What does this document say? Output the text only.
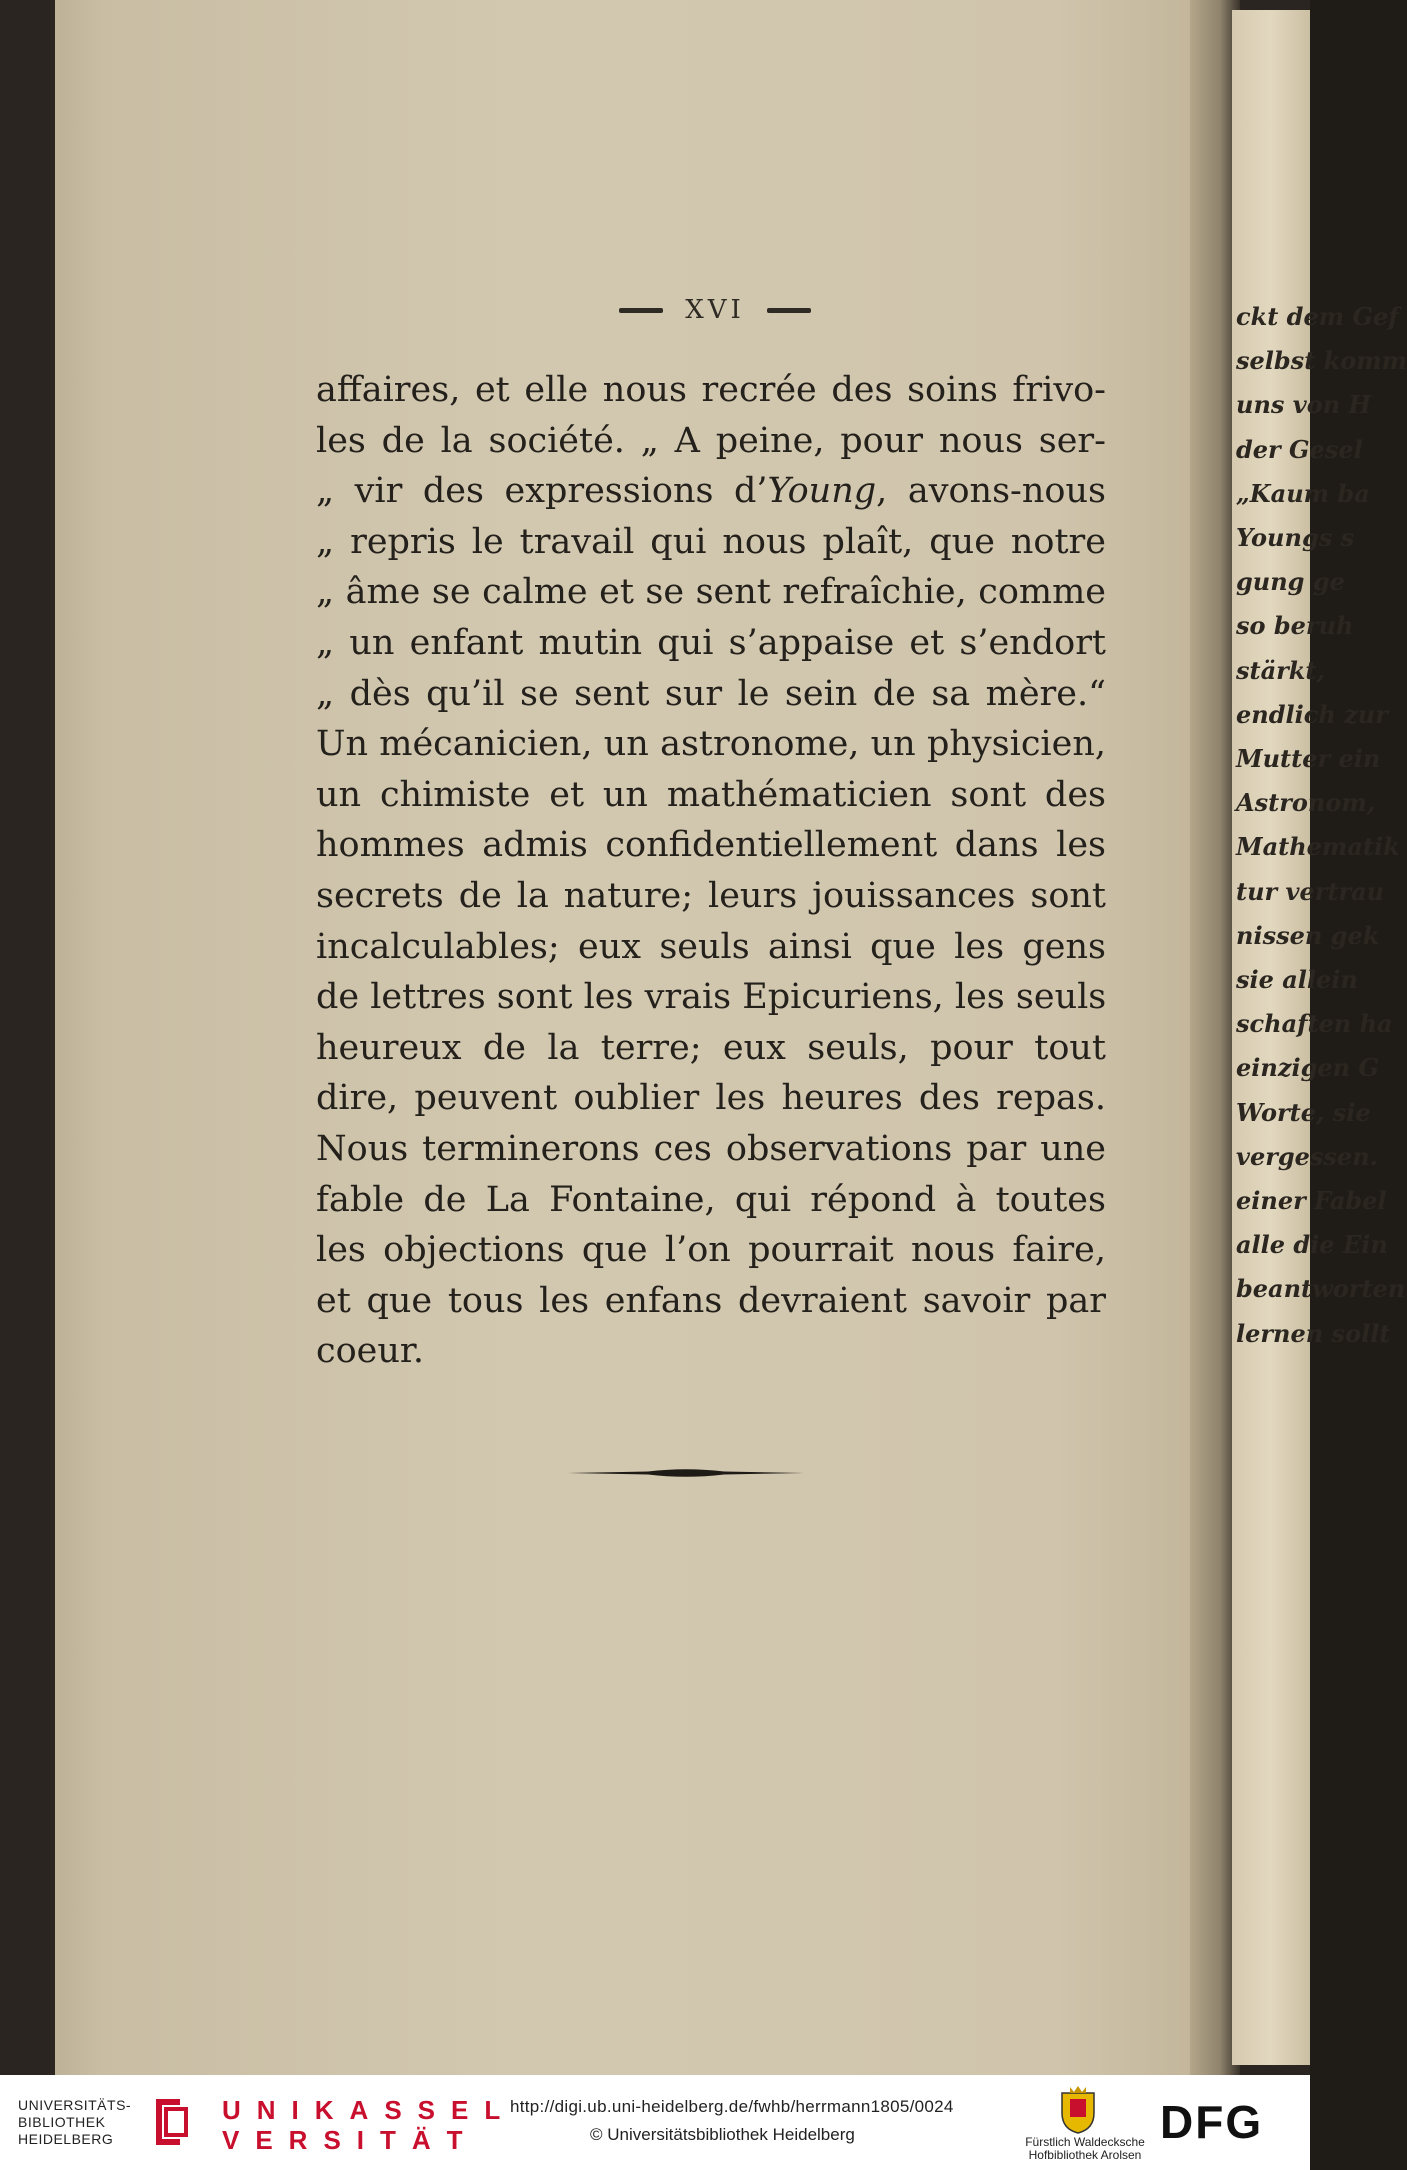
ckt dem Gef
selbst komm
uns von H
der Gesel
„Kaum ba
Youngs s
gung ge
so beruh
stärkt,
endlich zur
Mutter ein
Astronom,
Mathematik
tur vertrau
nissen gek
sie allein
schaften ha
einzigen G
Worte, sie
vergessen.
einer Fabel
alle die Ein
beantworten
lernen sollt
XVI
affaires, et elle nous recrée des soins frivo-
les de la société. „ A peine, pour nous ser-
„ vir des expressions d’Young, avons-nous
„ repris le travail qui nous plaît, que notre
„ âme se calme et se sent refraîchie, comme
„ un enfant mutin qui s’appaise et s’endort
„ dès qu’il se sent sur le sein de sa mère.“
Un mécanicien, un astronome, un physicien,
un chimiste et un mathématicien sont des
hommes admis confidentiellement dans les
secrets de la nature; leurs jouissances sont
incalculables; eux seuls ainsi que les gens
de lettres sont les vrais Epicuriens, les seuls
heureux de la terre; eux seuls, pour tout
dire, peuvent oublier les heures des repas.
Nous terminerons ces observations par une
fable de La Fontaine, qui répond à toutes
les objections que l’on pourrait nous faire,
et que tous les enfans devraient savoir par
coeur.
UNIVERSITÄTS-
BIBLIOTHEK
HEIDELBERG
UNIKASSEL
VERSITÄT
http://digi.ub.uni-heidelberg.de/fwhb/herrmann1805/0024
© Universitätsbibliothek Heidelberg	Fürstlich Waldecksche
Hofbibliothek Arolsen
DFG
